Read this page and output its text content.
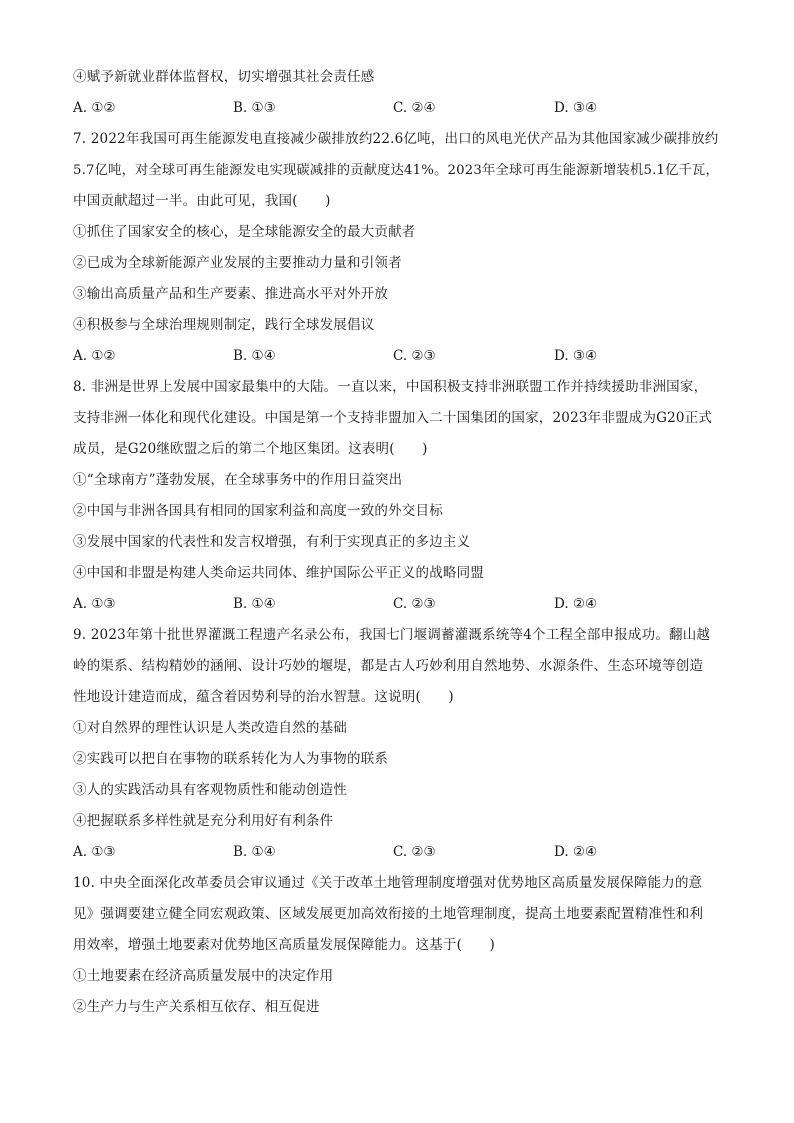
④赋予新就业群体监督权，切实增强其社会责任感
A. ①②	B. ①③	C. ②④	D. ③④
7. 2022年我国可再生能源发电直接减少碳排放约22.6亿吨，出口的风电光伏产品为其他国家减少碳排放约
5.7亿吨，对全球可再生能源发电实现碳减排的贡献度达41%。2023年全球可再生能源新增装机5.1亿千瓦，
中国贡献超过一半。由此可见，我国(　　)
①抓住了国家安全的核心，是全球能源安全的最大贡献者
②已成为全球新能源产业发展的主要推动力量和引领者
③输出高质量产品和生产要素、推进高水平对外开放
④积极参与全球治理规则制定，践行全球发展倡议
A. ①②	B. ①④	C. ②③	D. ③④
8. 非洲是世界上发展中国家最集中的大陆。一直以来，中国积极支持非洲联盟工作并持续援助非洲国家，
支持非洲一体化和现代化建设。中国是第一个支持非盟加入二十国集团的国家，2023年非盟成为G20正式
成员，是G20继欧盟之后的第二个地区集团。这表明(　　)
①“全球南方”蓬勃发展，在全球事务中的作用日益突出
②中国与非洲各国具有相同的国家利益和高度一致的外交目标
③发展中国家的代表性和发言权增强，有利于实现真正的多边主义
④中国和非盟是构建人类命运共同体、维护国际公平正义的战略同盟
A. ①③	B. ①④	C. ②③	D. ②④
9. 2023年第十批世界灌溉工程遗产名录公布，我国七门堰调蓄灌溉系统等4个工程全部申报成功。翻山越
岭的渠系、结构精妙的涵闸、设计巧妙的堰堤，都是古人巧妙利用自然地势、水源条件、生态环境等创造
性地设计建造而成，蕴含着因势利导的治水智慧。这说明(　　)
①对自然界的理性认识是人类改造自然的基础
②实践可以把自在事物的联系转化为人为事物的联系
③人的实践活动具有客观物质性和能动创造性
④把握联系多样性就是充分利用好有利条件
A. ①③	B. ①④	C. ②③	D. ②④
10. 中央全面深化改革委员会审议通过《关于改革土地管理制度增强对优势地区高质量发展保障能力的意
见》强调要建立健全同宏观政策、区域发展更加高效衔接的土地管理制度，提高土地要素配置精准性和利
用效率，增强土地要素对优势地区高质量发展保障能力。这基于(　　)
①土地要素在经济高质量发展中的决定作用
②生产力与生产关系相互依存、相互促进
